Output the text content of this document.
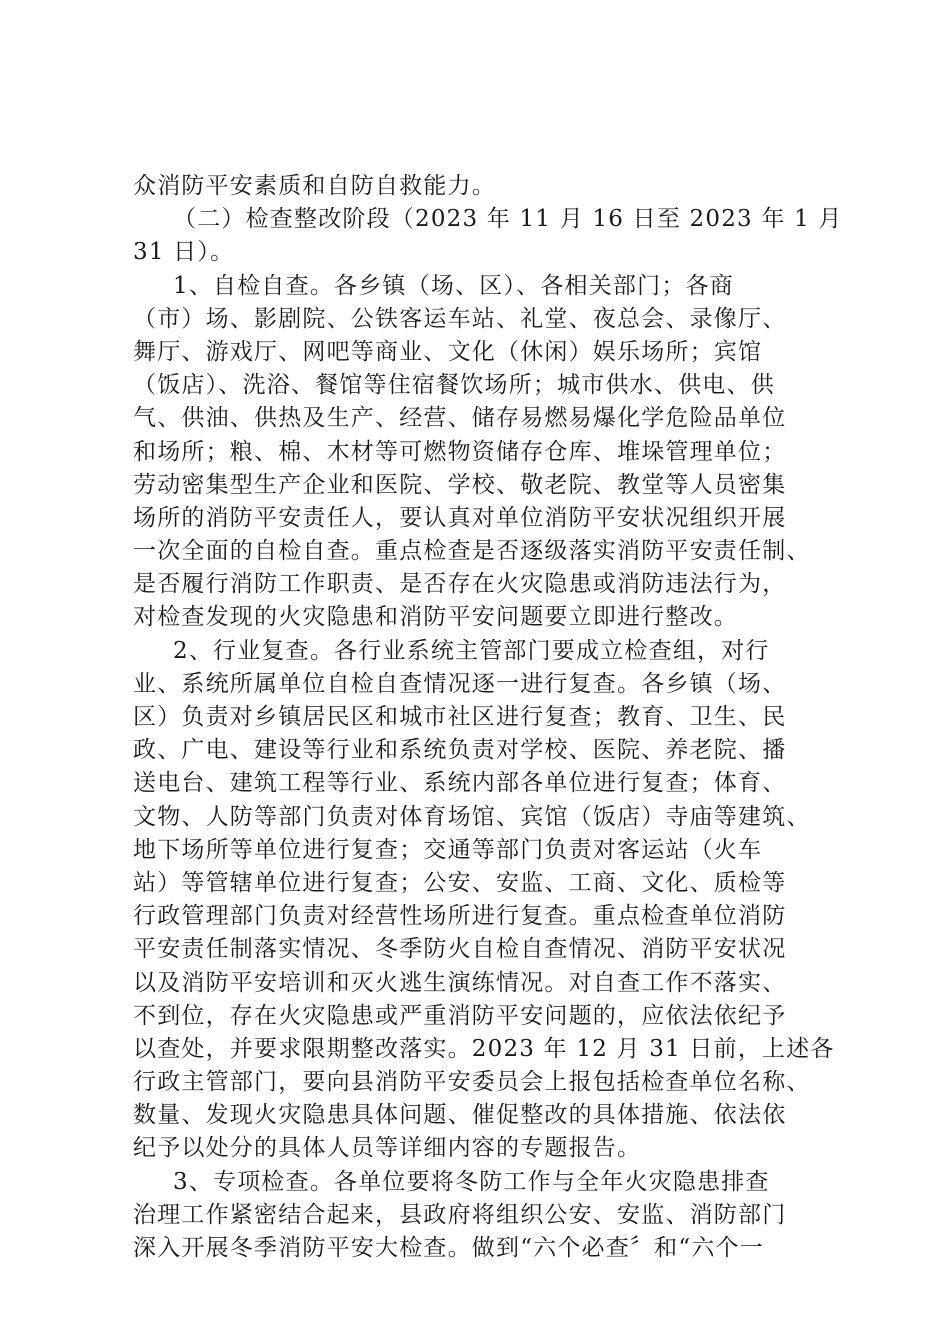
众消防平安素质和自防自救能力。
（二）检查整改阶段（2023 年 11 月 16 日至 2023 年 1 月
31 日）。
1、自检自查。各乡镇（场、区）、各相关部门；各商
（市）场、影剧院、公铁客运车站、礼堂、夜总会、录像厅、
舞厅、游戏厅、网吧等商业、文化（休闲）娱乐场所；宾馆
（饭店）、洗浴、餐馆等住宿餐饮场所；城市供水、供电、供
气、供油、供热及生产、经营、储存易燃易爆化学危险品单位
和场所；粮、棉、木材等可燃物资储存仓库、堆垛管理单位；
劳动密集型生产企业和医院、学校、敬老院、教堂等人员密集
场所的消防平安责任人，要认真对单位消防平安状况组织开展
一次全面的自检自查。重点检查是否逐级落实消防平安责任制、
是否履行消防工作职责、是否存在火灾隐患或消防违法行为，
对检查发现的火灾隐患和消防平安问题要立即进行整改。
2、行业复查。各行业系统主管部门要成立检查组，对行
业、系统所属单位自检自查情况逐一进行复查。各乡镇（场、
区）负责对乡镇居民区和城市社区进行复查；教育、卫生、民
政、广电、建设等行业和系统负责对学校、医院、养老院、播
送电台、建筑工程等行业、系统内部各单位进行复查；体育、
文物、人防等部门负责对体育场馆、宾馆（饭店）寺庙等建筑、
地下场所等单位进行复查；交通等部门负责对客运站（火车
站）等管辖单位进行复查；公安、安监、工商、文化、质检等
行政管理部门负责对经营性场所进行复查。重点检查单位消防
平安责任制落实情况、冬季防火自检自查情况、消防平安状况
以及消防平安培训和灭火逃生演练情况。对自查工作不落实、
不到位，存在火灾隐患或严重消防平安问题的，应依法依纪予
以查处，并要求限期整改落实。2023 年 12 月 31 日前，上述各
行政主管部门，要向县消防平安委员会上报包括检查单位名称、
数量、发现火灾隐患具体问题、催促整改的具体措施、依法依
纪予以处分的具体人员等详细内容的专题报告。
3、专项检查。各单位要将冬防工作与全年火灾隐患排查
治理工作紧密结合起来，县政府将组织公安、安监、消防部门
深入开展冬季消防平安大检查。做到“六个必查〞和“六个一
